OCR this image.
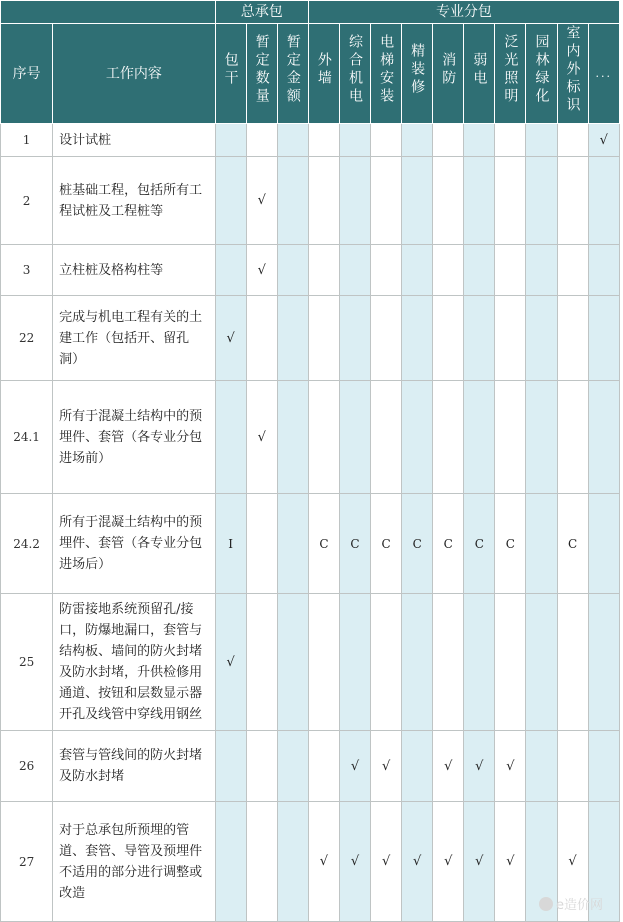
		总承包			专业分包									
序号	工作内容	包干	暂定数量	暂定金额	外墙	综合机电	电梯安装	精装修	消防	弱电	泛光照明	园林绿化	室内外标识	...
1	设计试桩													√
2	桩基础工程，包括所有工程试桩及工程桩等		√											
3	立柱桩及格构柱等		√											
22	完成与机电工程有关的土建工作（包括开、留孔洞）	√												
24.1	所有于混凝土结构中的预埋件、套管（各专业分包进场前）		√											
24.2	所有于混凝土结构中的预埋件、套管（各专业分包进场后）	I			C	C	C	C	C	C	C		C	
25	防雷接地系统预留孔/接口，防爆地漏口，套管与结构板、墙间的防火封堵及防水封堵，升供检修用通道、按钮和层数显示器开孔及线管中穿线用钢丝	√												
26	套管与管线间的防火封堵及防水封堵					√	√		√	√	√			
27	对于总承包所预埋的管道、套管、导管及预埋件不适用的部分进行调整或改造				√	√	√	√	√	√	√		√	
e造价网
